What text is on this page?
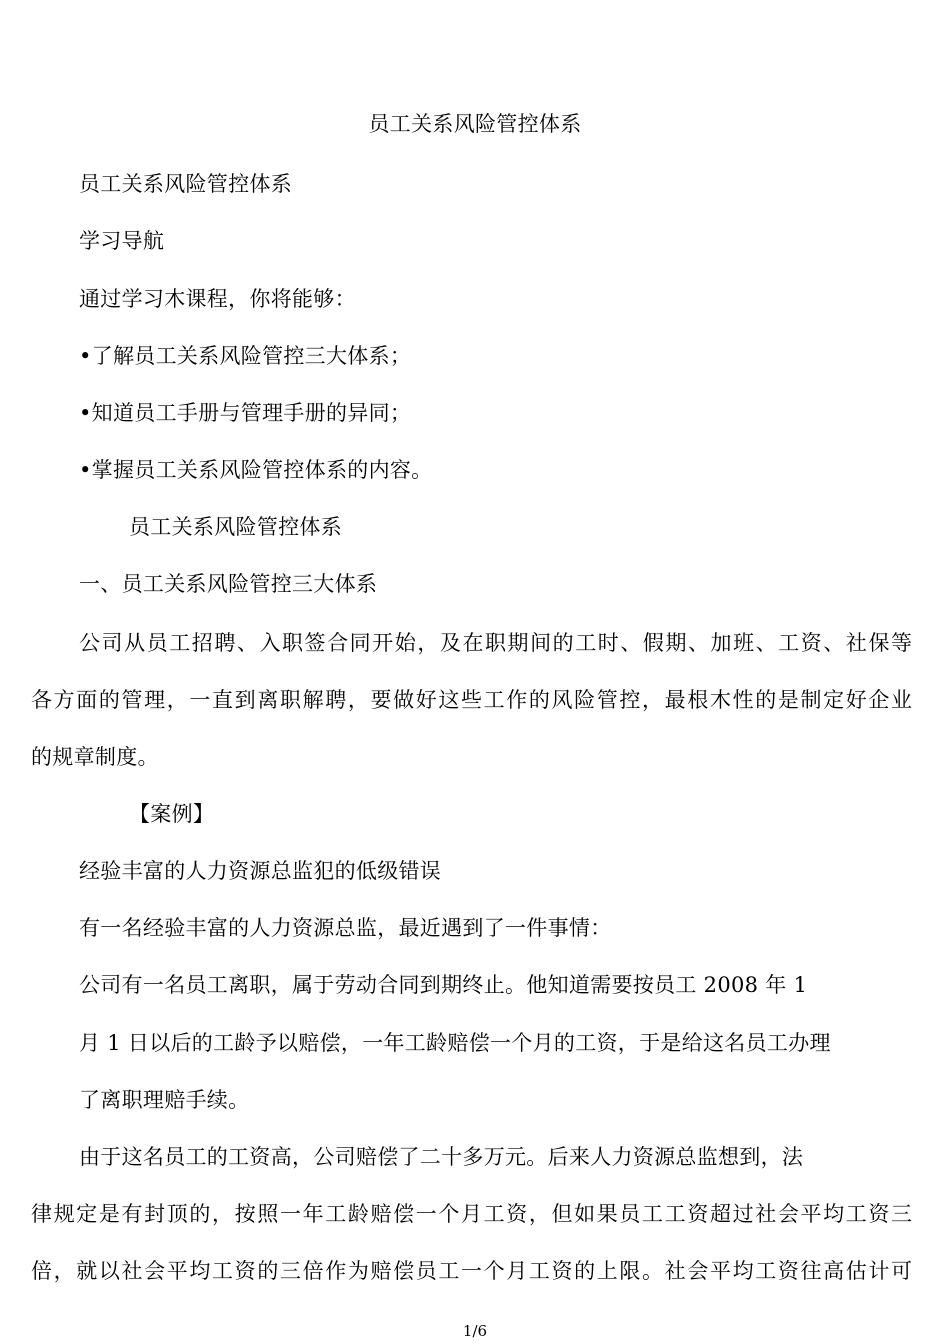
员工关系风险管控体系

员工关系风险管控体系

学习导航

通过学习木课程，你将能够：

•了解员工关系风险管控三大体系；

•知道员工手册与管理手册的异同；

•掌握员工关系风险管控体系的内容。

员工关系风险管控体系

一、员工关系风险管控三大体系

公司从员工招聘、入职签合同开始，及在职期间的工时、假期、加班、工资、社保等

各方面的管理，一直到离职解聘，要做好这些工作的风险管控，最根木性的是制定好企业

的规章制度。

【案例】

经验丰富的人力资源总监犯的低级错误

有一名经验丰富的人力资源总监，最近遇到了一件事情：

公司有一名员工离职，属于劳动合同到期终止。他知道需要按员工 2008 年 1

月 1 日以后的工龄予以赔偿，一年工龄赔偿一个月的工资，于是给这名员工办理

了离职理赔手续。

由于这名员工的工资高，公司赔偿了二十多万元。后来人力资源总监想到，法

律规定是有封顶的，按照一年工龄赔偿一个月工资，但如果员工工资超过社会平均工资三

倍，就以社会平均工资的三倍作为赔偿员工一个月工资的上限。社会平均工资往高估计可

1/6
